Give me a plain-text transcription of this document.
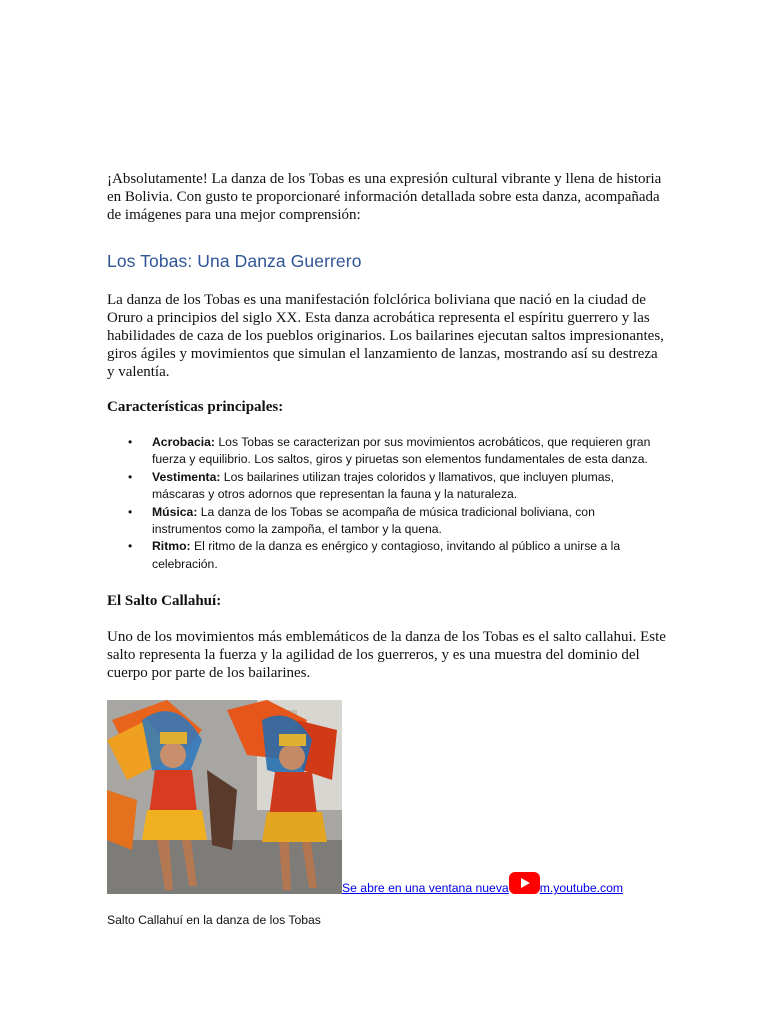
¡Absolutamente! La danza de los Tobas es una expresión cultural vibrante y llena de historia en Bolivia. Con gusto te proporcionaré información detallada sobre esta danza, acompañada de imágenes para una mejor comprensión:

Los Tobas: Una Danza Guerrero

La danza de los Tobas es una manifestación folclórica boliviana que nació en la ciudad de Oruro a principios del siglo XX. Esta danza acrobática representa el espíritu guerrero y las habilidades de caza de los pueblos originarios. Los bailarines ejecutan saltos impresionantes, giros ágiles y movimientos que simulan el lanzamiento de lanzas, mostrando así su destreza y valentía.

Características principales:

• Acrobacia: Los Tobas se caracterizan por sus movimientos acrobáticos, que requieren gran fuerza y equilibrio. Los saltos, giros y piruetas son elementos fundamentales de esta danza.
• Vestimenta: Los bailarines utilizan trajes coloridos y llamativos, que incluyen plumas, máscaras y otros adornos que representan la fauna y la naturaleza.
• Música: La danza de los Tobas se acompaña de música tradicional boliviana, con instrumentos como la zampoña, el tambor y la quena.
• Ritmo: El ritmo de la danza es enérgico y contagioso, invitando al público a unirse a la celebración.

El Salto Callahuí:

Uno de los movimientos más emblemáticos de la danza de los Tobas es el salto callahui. Este salto representa la fuerza y la agilidad de los guerreros, y es una muestra del dominio del cuerpo por parte de los bailarines.

Se abre en una ventana nueva	m.youtube.com
Salto Callahuí en la danza de los Tobas
